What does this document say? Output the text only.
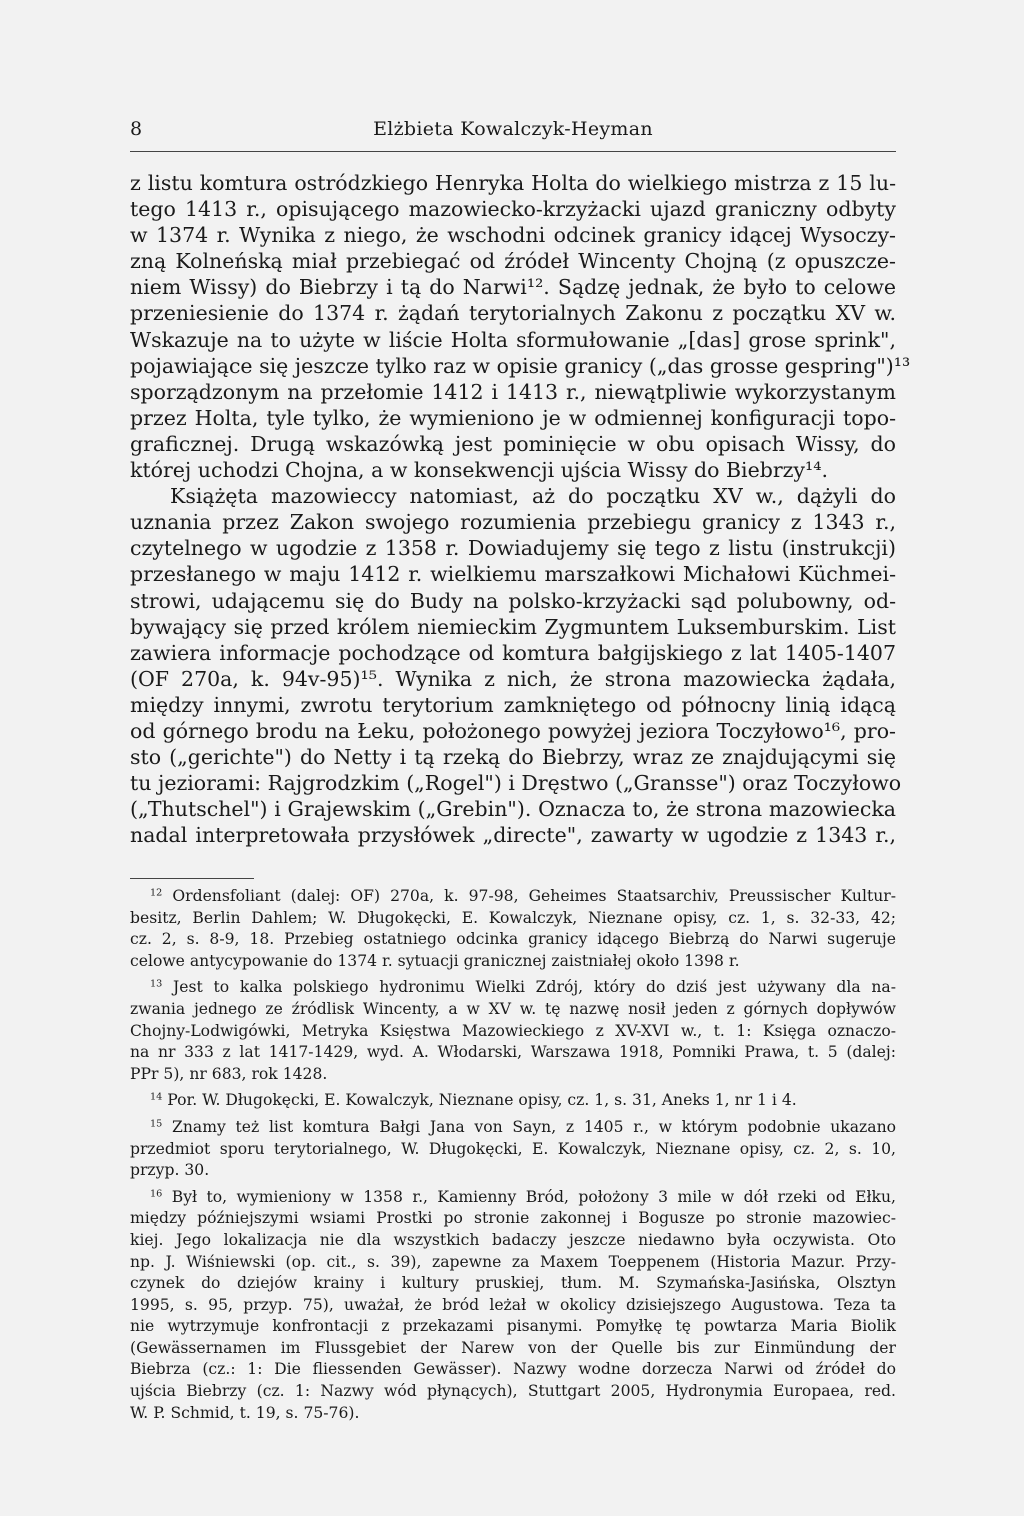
8	Elżbieta Kowalczyk-Heyman
z listu komtura ostródzkiego Henryka Holta do wielkiego mistrza z 15 lu-
tego 1413 r., opisującego mazowiecko-krzyżacki ujazd graniczny odbyty
w 1374 r. Wynika z niego, że wschodni odcinek granicy idącej Wysoczy-
zną Kolneńską miał przebiegać od źródeł Wincenty Chojną (z opuszcze-
niem Wissy) do Biebrzy i tą do Narwi¹². Sądzę jednak, że było to celowe
przeniesienie do 1374 r. żądań terytorialnych Zakonu z początku XV w.
Wskazuje na to użyte w liście Holta sformułowanie „[das] grose sprink",
pojawiające się jeszcze tylko raz w opisie granicy („das grosse gespring")¹³
sporządzonym na przełomie 1412 i 1413 r., niewątpliwie wykorzystanym
przez Holta, tyle tylko, że wymieniono je w odmiennej konfiguracji topo-
graficznej. Drugą wskazówką jest pominięcie w obu opisach Wissy, do
której uchodzi Chojna, a w konsekwencji ujścia Wissy do Biebrzy¹⁴.
Książęta mazowieccy natomiast, aż do początku XV w., dążyli do
uznania przez Zakon swojego rozumienia przebiegu granicy z 1343 r.,
czytelnego w ugodzie z 1358 r. Dowiadujemy się tego z listu (instrukcji)
przesłanego w maju 1412 r. wielkiemu marszałkowi Michałowi Küchmei-
strowi, udającemu się do Budy na polsko-krzyżacki sąd polubowny, od-
bywający się przed królem niemieckim Zygmuntem Luksemburskim. List
zawiera informacje pochodzące od komtura bałgijskiego z lat 1405-1407
(OF 270a, k. 94v-95)¹⁵. Wynika z nich, że strona mazowiecka żądała,
między innymi, zwrotu terytorium zamkniętego od północny linią idącą
od górnego brodu na Łeku, położonego powyżej jeziora Toczyłowo¹⁶, pro-
sto („gerichte") do Netty i tą rzeką do Biebrzy, wraz ze znajdującymi się
tu jeziorami: Rajgrodzkim („Rogel") i Dręstwo („Gransse") oraz Toczyłowo
(„Thutschel") i Grajewskim („Grebin"). Oznacza to, że strona mazowiecka
nadal interpretowała przysłówek „directe", zawarty w ugodzie z 1343 r.,
$^{12}$ Ordensfoliant (dalej: OF) 270a, k. 97-98, Geheimes Staatsarchiv, Preussischer Kultur-
besitz, Berlin Dahlem; W. Długokęcki, E. Kowalczyk, Nieznane opisy, cz. 1, s. 32-33, 42;
cz. 2, s. 8-9, 18. Przebieg ostatniego odcinka granicy idącego Biebrzą do Narwi sugeruje
celowe antycypowanie do 1374 r. sytuacji granicznej zaistniałej około 1398 r.
$^{13}$ Jest to kalka polskiego hydronimu Wielki Zdrój, który do dziś jest używany dla na-
zwania jednego ze źródlisk Wincenty, a w XV w. tę nazwę nosił jeden z górnych dopływów
Chojny-Lodwigówki, Metryka Księstwa Mazowieckiego z XV-XVI w., t. 1: Księga oznaczo-
na nr 333 z lat 1417-1429, wyd. A. Włodarski, Warszawa 1918, Pomniki Prawa, t. 5 (dalej:
PPr 5), nr 683, rok 1428.
$^{14}$ Por. W. Długokęcki, E. Kowalczyk, Nieznane opisy, cz. 1, s. 31, Aneks 1, nr 1 i 4.
$^{15}$ Znamy też list komtura Bałgi Jana von Sayn, z 1405 r., w którym podobnie ukazano
przedmiot sporu terytorialnego, W. Długokęcki, E. Kowalczyk, Nieznane opisy, cz. 2, s. 10,
przyp. 30.
$^{16}$ Był to, wymieniony w 1358 r., Kamienny Bród, położony 3 mile w dół rzeki od Ełku,
między późniejszymi wsiami Prostki po stronie zakonnej i Bogusze po stronie mazowiec-
kiej. Jego lokalizacja nie dla wszystkich badaczy jeszcze niedawno była oczywista. Oto
np. J. Wiśniewski (op. cit., s. 39), zapewne za Maxem Toeppenem (Historia Mazur. Przy-
czynek do dziejów krainy i kultury pruskiej, tłum. M. Szymańska-Jasińska, Olsztyn
1995, s. 95, przyp. 75), uważał, że bród leżał w okolicy dzisiejszego Augustowa. Teza ta
nie wytrzymuje konfrontacji z przekazami pisanymi. Pomyłkę tę powtarza Maria Biolik
(Gewässernamen im Flussgebiet der Narew von der Quelle bis zur Einmündung der
Biebrza (cz.: 1: Die fliessenden Gewässer). Nazwy wodne dorzecza Narwi od źródeł do
ujścia Biebrzy (cz. 1: Nazwy wód płynących), Stuttgart 2005, Hydronymia Europaea, red.
W. P. Schmid, t. 19, s. 75-76).
